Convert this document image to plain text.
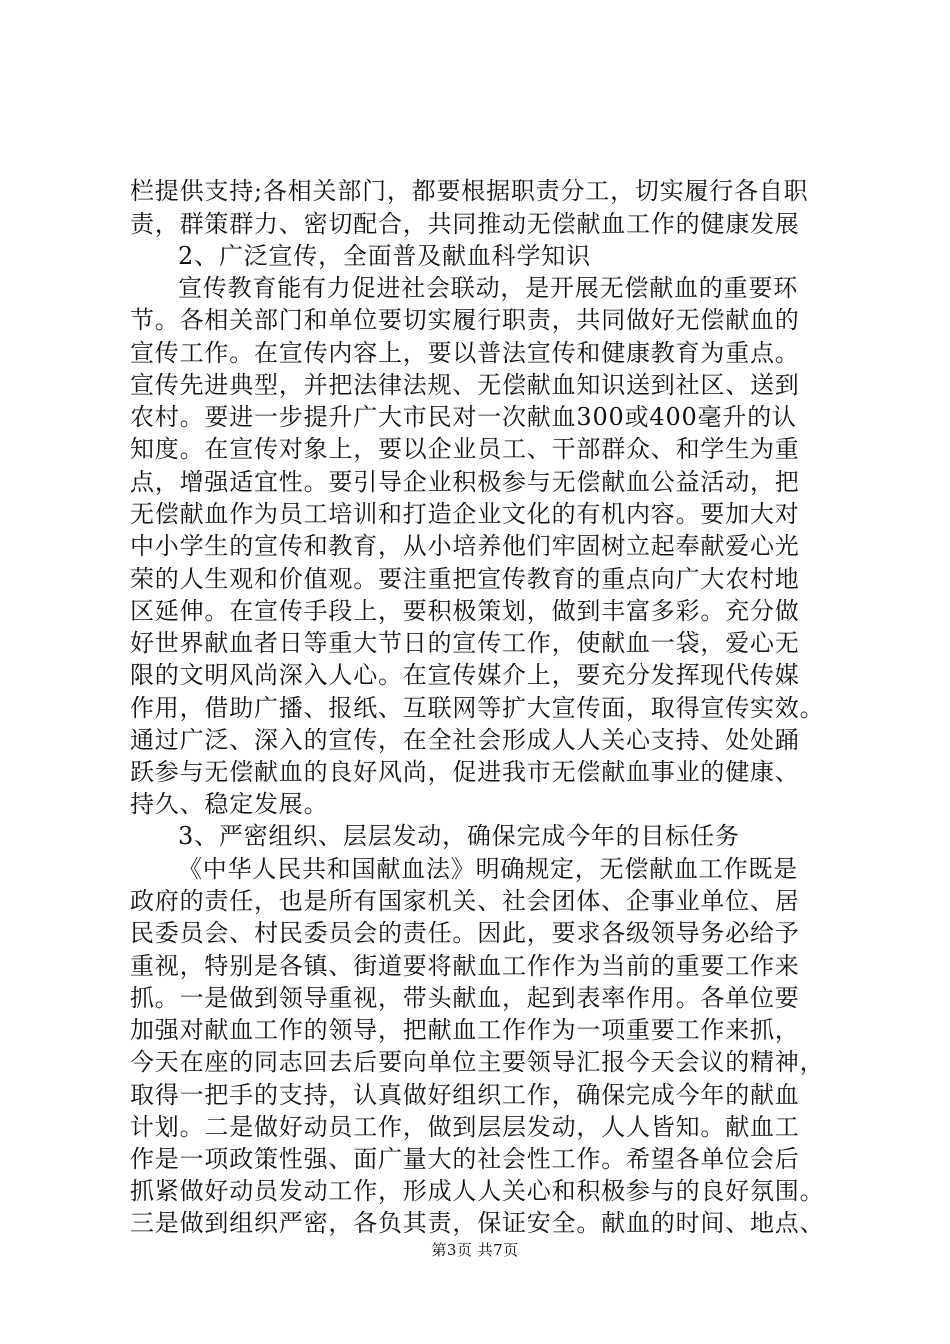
栏提供支持;各相关部门，都要根据职责分工，切实履行各自职
责，群策群力、密切配合，共同推动无偿献血工作的健康发展
2、广泛宣传，全面普及献血科学知识
宣传教育能有力促进社会联动，是开展无偿献血的重要环
节。各相关部门和单位要切实履行职责，共同做好无偿献血的
宣传工作。在宣传内容上，要以普法宣传和健康教育为重点。
宣传先进典型，并把法律法规、无偿献血知识送到社区、送到
农村。要进一步提升广大市民对一次献血300或400毫升的认
知度。在宣传对象上，要以企业员工、干部群众、和学生为重
点，增强适宜性。要引导企业积极参与无偿献血公益活动，把
无偿献血作为员工培训和打造企业文化的有机内容。要加大对
中小学生的宣传和教育，从小培养他们牢固树立起奉献爱心光
荣的人生观和价值观。要注重把宣传教育的重点向广大农村地
区延伸。在宣传手段上，要积极策划，做到丰富多彩。充分做
好世界献血者日等重大节日的宣传工作，使献血一袋，爱心无
限的文明风尚深入人心。在宣传媒介上，要充分发挥现代传媒
作用，借助广播、报纸、互联网等扩大宣传面，取得宣传实效。
通过广泛、深入的宣传，在全社会形成人人关心支持、处处踊
跃参与无偿献血的良好风尚，促进我市无偿献血事业的健康、
持久、稳定发展。
3、严密组织、层层发动，确保完成今年的目标任务
《中华人民共和国献血法》明确规定，无偿献血工作既是
政府的责任，也是所有国家机关、社会团体、企事业单位、居
民委员会、村民委员会的责任。因此，要求各级领导务必给予
重视，特别是各镇、街道要将献血工作作为当前的重要工作来
抓。一是做到领导重视，带头献血，起到表率作用。各单位要
加强对献血工作的领导，把献血工作作为一项重要工作来抓，
今天在座的同志回去后要向单位主要领导汇报今天会议的精神，
取得一把手的支持，认真做好组织工作，确保完成今年的献血
计划。二是做好动员工作，做到层层发动，人人皆知。献血工
作是一项政策性强、面广量大的社会性工作。希望各单位会后
抓紧做好动员发动工作，形成人人关心和积极参与的良好氛围。
三是做到组织严密，各负其责，保证安全。献血的时间、地点、
第3页 共7页
